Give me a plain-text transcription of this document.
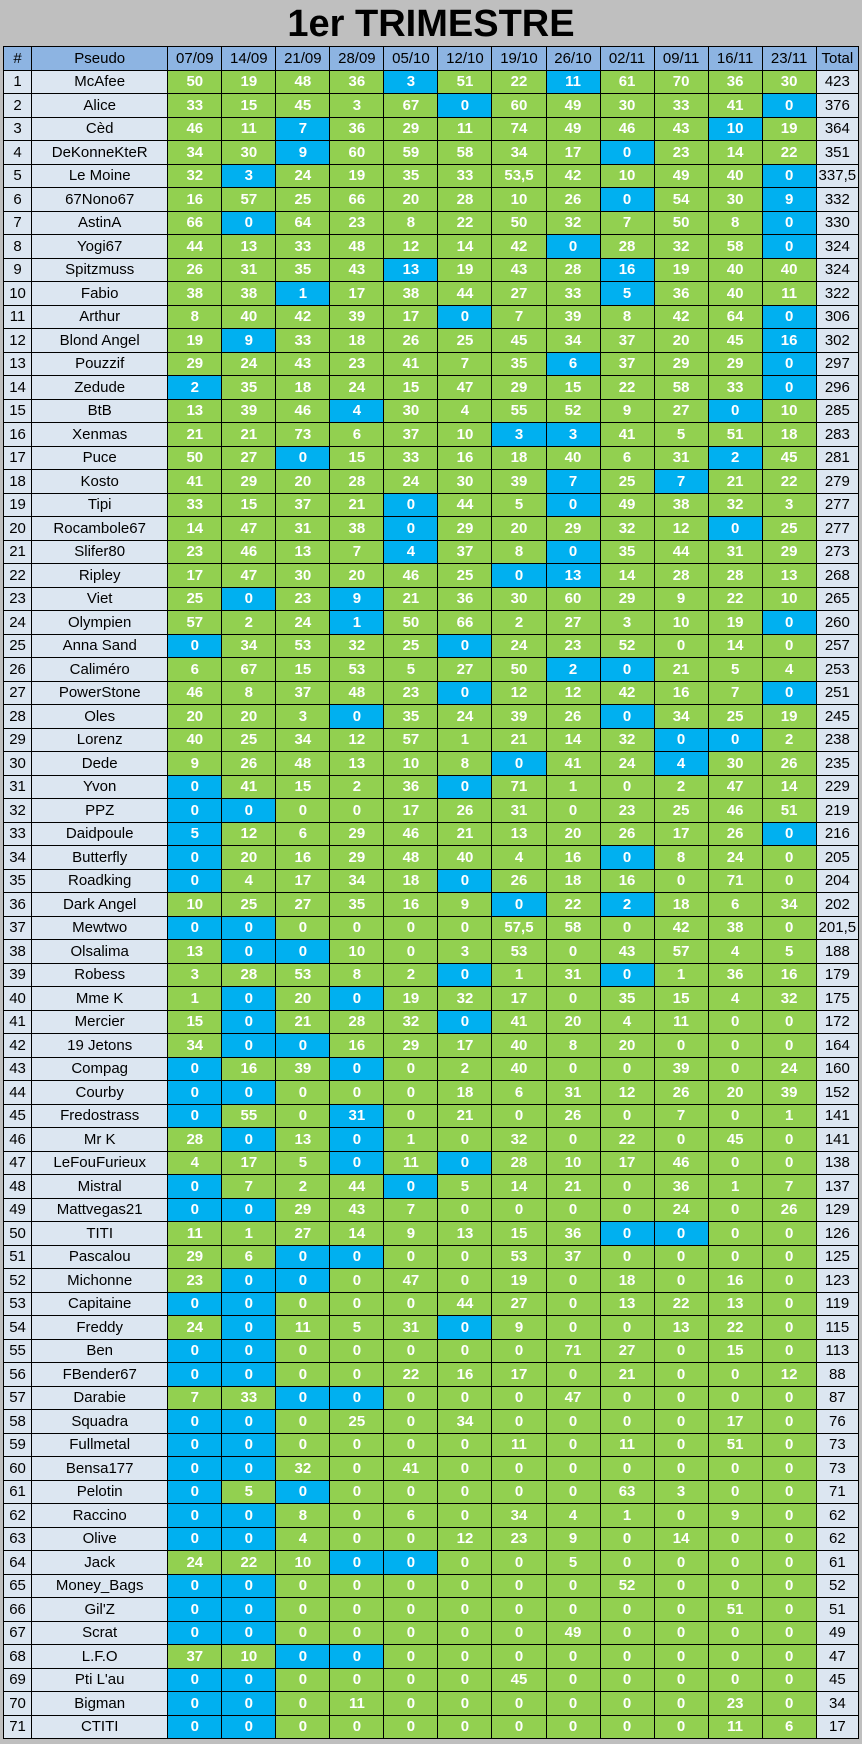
1er TRIMESTRE
#	Pseudo	07/09	14/09	21/09	28/09	05/10	12/10	19/10	26/10	02/11	09/11	16/11	23/11	Total
1	McAfee	50	19	48	36	3	51	22	11	61	70	36	30	423
2	Alice	33	15	45	3	67	0	60	49	30	33	41	0	376
3	Cèd	46	11	7	36	29	11	74	49	46	43	10	19	364
4	DeKonneKteR	34	30	9	60	59	58	34	17	0	23	14	22	351
5	Le Moine	32	3	24	19	35	33	53,5	42	10	49	40	0	337,5
6	67Nono67	16	57	25	66	20	28	10	26	0	54	30	9	332
7	AstinA	66	0	64	23	8	22	50	32	7	50	8	0	330
8	Yogi67	44	13	33	48	12	14	42	0	28	32	58	0	324
9	Spitzmuss	26	31	35	43	13	19	43	28	16	19	40	40	324
10	Fabio	38	38	1	17	38	44	27	33	5	36	40	11	322
11	Arthur	8	40	42	39	17	0	7	39	8	42	64	0	306
12	Blond Angel	19	9	33	18	26	25	45	34	37	20	45	16	302
13	Pouzzif	29	24	43	23	41	7	35	6	37	29	29	0	297
14	Zedude	2	35	18	24	15	47	29	15	22	58	33	0	296
15	BtB	13	39	46	4	30	4	55	52	9	27	0	10	285
16	Xenmas	21	21	73	6	37	10	3	3	41	5	51	18	283
17	Puce	50	27	0	15	33	16	18	40	6	31	2	45	281
18	Kosto	41	29	20	28	24	30	39	7	25	7	21	22	279
19	Tipi	33	15	37	21	0	44	5	0	49	38	32	3	277
20	Rocambole67	14	47	31	38	0	29	20	29	32	12	0	25	277
21	Slifer80	23	46	13	7	4	37	8	0	35	44	31	29	273
22	Ripley	17	47	30	20	46	25	0	13	14	28	28	13	268
23	Viet	25	0	23	9	21	36	30	60	29	9	22	10	265
24	Olympien	57	2	24	1	50	66	2	27	3	10	19	0	260
25	Anna Sand	0	34	53	32	25	0	24	23	52	0	14	0	257
26	Caliméro	6	67	15	53	5	27	50	2	0	21	5	4	253
27	PowerStone	46	8	37	48	23	0	12	12	42	16	7	0	251
28	Oles	20	20	3	0	35	24	39	26	0	34	25	19	245
29	Lorenz	40	25	34	12	57	1	21	14	32	0	0	2	238
30	Dede	9	26	48	13	10	8	0	41	24	4	30	26	235
31	Yvon	0	41	15	2	36	0	71	1	0	2	47	14	229
32	PPZ	0	0	0	0	17	26	31	0	23	25	46	51	219
33	Daidpoule	5	12	6	29	46	21	13	20	26	17	26	0	216
34	Butterfly	0	20	16	29	48	40	4	16	0	8	24	0	205
35	Roadking	0	4	17	34	18	0	26	18	16	0	71	0	204
36	Dark Angel	10	25	27	35	16	9	0	22	2	18	6	34	202
37	Mewtwo	0	0	0	0	0	0	57,5	58	0	42	38	0	201,5
38	Olsalima	13	0	0	10	0	3	53	0	43	57	4	5	188
39	Robess	3	28	53	8	2	0	1	31	0	1	36	16	179
40	Mme K	1	0	20	0	19	32	17	0	35	15	4	32	175
41	Mercier	15	0	21	28	32	0	41	20	4	11	0	0	172
42	19 Jetons	34	0	0	16	29	17	40	8	20	0	0	0	164
43	Compag	0	16	39	0	0	2	40	0	0	39	0	24	160
44	Courby	0	0	0	0	0	18	6	31	12	26	20	39	152
45	Fredostrass	0	55	0	31	0	21	0	26	0	7	0	1	141
46	Mr K	28	0	13	0	1	0	32	0	22	0	45	0	141
47	LeFouFurieux	4	17	5	0	11	0	28	10	17	46	0	0	138
48	Mistral	0	7	2	44	0	5	14	21	0	36	1	7	137
49	Mattvegas21	0	0	29	43	7	0	0	0	0	24	0	26	129
50	TITI	11	1	27	14	9	13	15	36	0	0	0	0	126
51	Pascalou	29	6	0	0	0	0	53	37	0	0	0	0	125
52	Michonne	23	0	0	0	47	0	19	0	18	0	16	0	123
53	Capitaine	0	0	0	0	0	44	27	0	13	22	13	0	119
54	Freddy	24	0	11	5	31	0	9	0	0	13	22	0	115
55	Ben	0	0	0	0	0	0	0	71	27	0	15	0	113
56	FBender67	0	0	0	0	22	16	17	0	21	0	0	12	88
57	Darabie	7	33	0	0	0	0	0	47	0	0	0	0	87
58	Squadra	0	0	0	25	0	34	0	0	0	0	17	0	76
59	Fullmetal	0	0	0	0	0	0	11	0	11	0	51	0	73
60	Bensa177	0	0	32	0	41	0	0	0	0	0	0	0	73
61	Pelotin	0	5	0	0	0	0	0	0	63	3	0	0	71
62	Raccino	0	0	8	0	6	0	34	4	1	0	9	0	62
63	Olive	0	0	4	0	0	12	23	9	0	14	0	0	62
64	Jack	24	22	10	0	0	0	0	5	0	0	0	0	61
65	Money_Bags	0	0	0	0	0	0	0	0	52	0	0	0	52
66	Gil'Z	0	0	0	0	0	0	0	0	0	0	51	0	51
67	Scrat	0	0	0	0	0	0	0	49	0	0	0	0	49
68	L.F.O	37	10	0	0	0	0	0	0	0	0	0	0	47
69	Pti L'au	0	0	0	0	0	0	45	0	0	0	0	0	45
70	Bigman	0	0	0	11	0	0	0	0	0	0	23	0	34
71	CTITI	0	0	0	0	0	0	0	0	0	0	11	6	17
